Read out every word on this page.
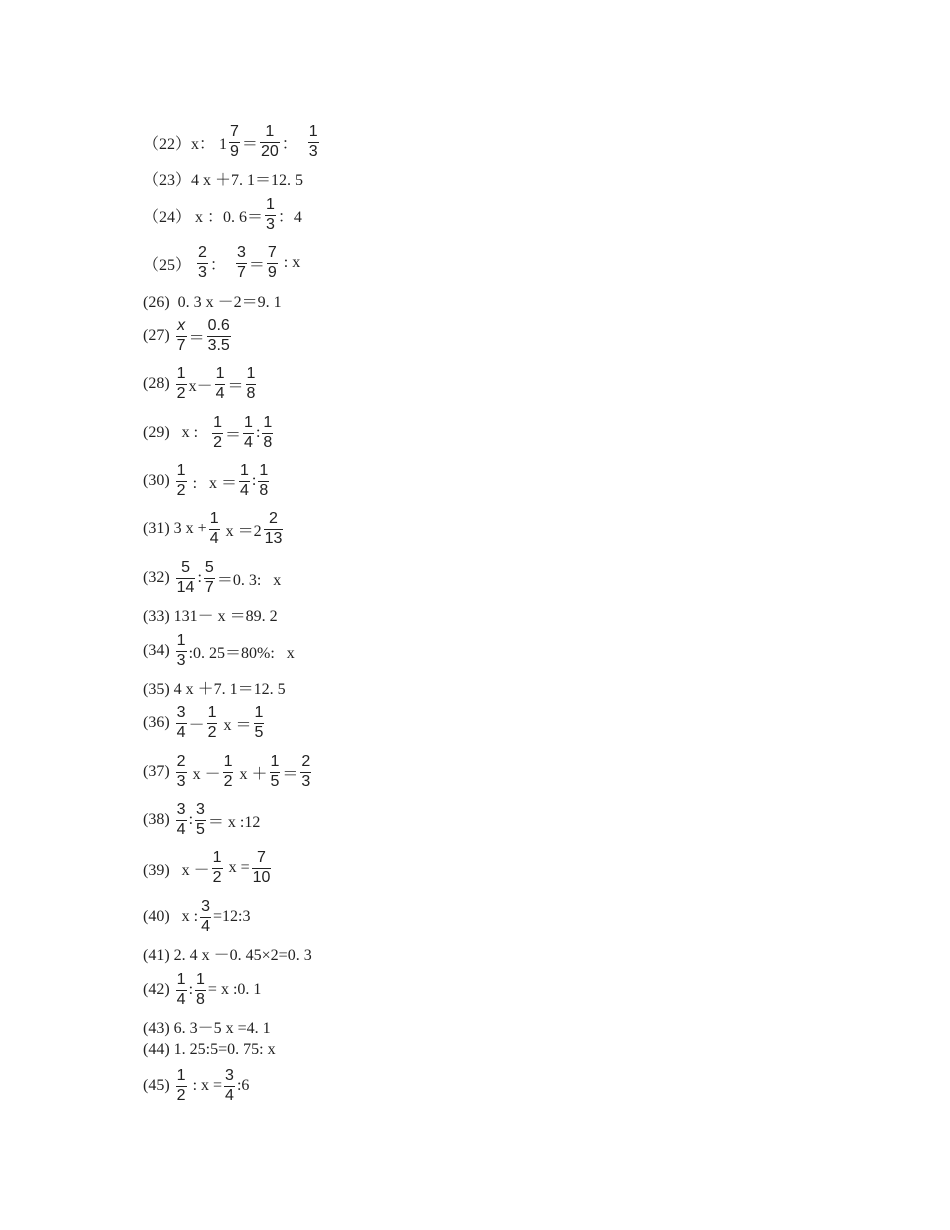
（22）x： $1 \frac{7}{9} = \frac{1}{20}$ ： $\frac{1}{3}$
（23）4 x ＋7. 1＝12. 5
（24） x ：0. $6= \frac{1}{3}$ ：4
$(25) \frac{2}{3}$ ： $\frac{3}{7} = \frac{7}{9}$ : x
(26)  0. 3 x －2＝9. 1
$(27) \frac{x}{7} = \frac{0.6}{3.5}$
$(28) \frac{1}{2} x- \frac{1}{4} = \frac{1}{8}$
(29)   x : $\frac{1}{2} = \frac{1}{4}$ : $\frac{1}{8}$
$(30) \frac{1}{2}$ :   $x = \frac{1}{4}$ : $\frac{1}{8}$
(31) 3 $x + \frac{1}{4}$ $x =2 \frac{2}{13}$
$(32) \frac{5}{14}$ : $\frac{5}{7} =0$. 3:   x
(33) 131－ x ＝89. 2
$(34) \frac{1}{3}$ :0. 25＝80%:   x
(35) 4 x ＋7. 1＝12. 5
$(36) \frac{3}{4} - \frac{1}{2}$ $x = \frac{1}{5}$
$(37) \frac{2}{3}$ $x - \frac{1}{2}$ $x + \frac{1}{5} = \frac{2}{3}$
$(38) \frac{3}{4}$ : $\frac{3}{5} = x$ :12
(39)   $x - \frac{1}{2}$ $x = \frac{7}{10}$
(40)   x : $\frac{3}{4}$ =12:3
(41) 2. 4 x －0. 45×2=0. 3
$(42) \frac{1}{4}$ : $\frac{1}{8} = x$ :0. 1
(43) 6. 3－5 x =4. 1
(44) 1. 25:5=0. 75: x
$(45) \frac{1}{2}$ : $x = \frac{3}{4}$ :6
